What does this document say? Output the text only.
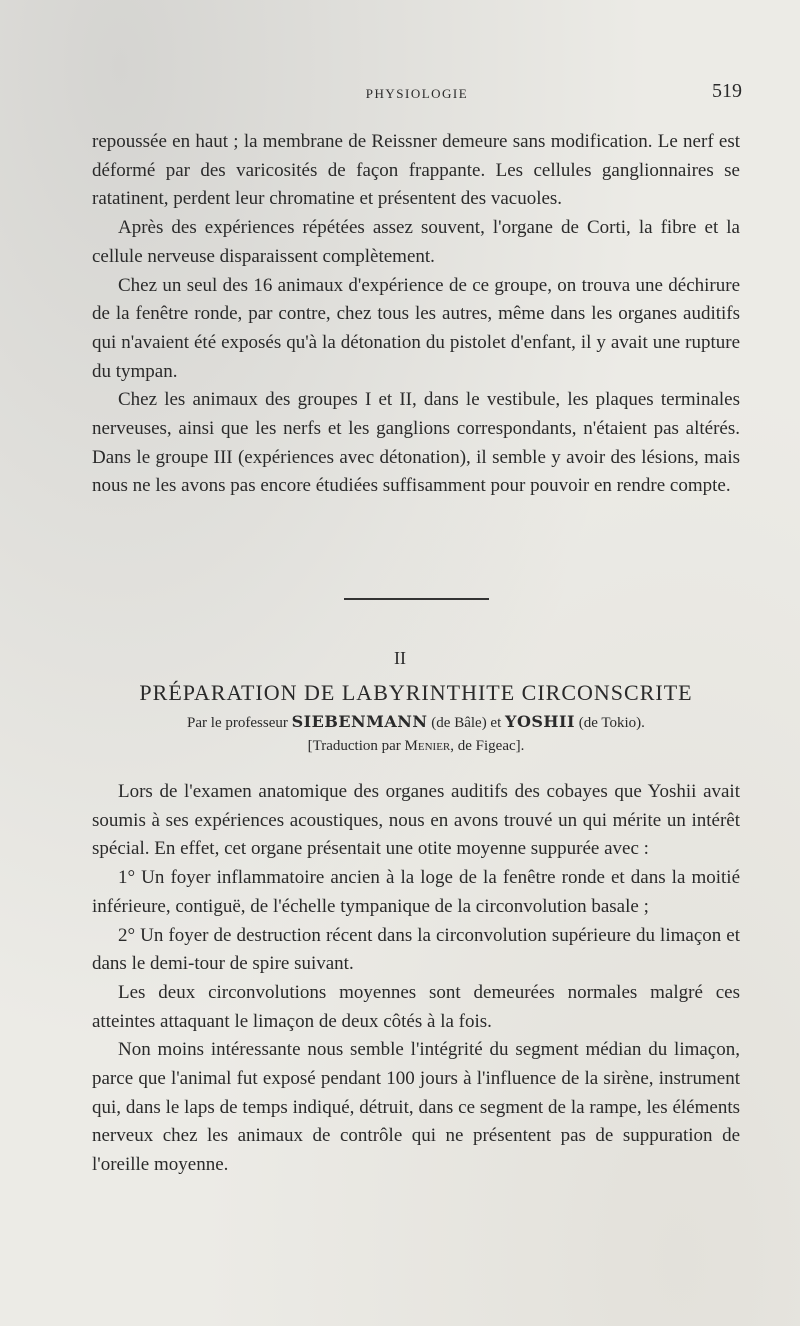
PHYSIOLOGIE	519

repoussée en haut ; la membrane de Reissner demeure sans modification. Le nerf est déformé par des varicosités de façon frappante. Les cellules ganglionnaires se ratatinent, perdent leur chromatine et présentent des vacuoles.

Après des expériences répétées assez souvent, l'organe de Corti, la fibre et la cellule nerveuse disparaissent complètement.

Chez un seul des 16 animaux d'expérience de ce groupe, on trouva une déchirure de la fenêtre ronde, par contre, chez tous les autres, même dans les organes auditifs qui n'avaient été exposés qu'à la détonation du pistolet d'enfant, il y avait une rupture du tympan.

Chez les animaux des groupes I et II, dans le vestibule, les plaques terminales nerveuses, ainsi que les nerfs et les ganglions correspondants, n'étaient pas altérés. Dans le groupe III (expériences avec détonation), il semble y avoir des lésions, mais nous ne les avons pas encore étudiées suffisamment pour pouvoir en rendre compte.

II
PRÉPARATION DE LABYRINTHITE CIRCONSCRITE
Par le professeur SIEBENMANN (de Bâle) et YOSHII (de Tokio).
[Traduction par Menier, de Figeac].

Lors de l'examen anatomique des organes auditifs des cobayes que Yoshii avait soumis à ses expériences acoustiques, nous en avons trouvé un qui mérite un intérêt spécial. En effet, cet organe présentait une otite moyenne suppurée avec :

1° Un foyer inflammatoire ancien à la loge de la fenêtre ronde et dans la moitié inférieure, contiguë, de l'échelle tympanique de la circonvolution basale ;

2° Un foyer de destruction récent dans la circonvolution supérieure du limaçon et dans le demi-tour de spire suivant.

Les deux circonvolutions moyennes sont demeurées normales malgré ces atteintes attaquant le limaçon de deux côtés à la fois.

Non moins intéressante nous semble l'intégrité du segment médian du limaçon, parce que l'animal fut exposé pendant 100 jours à l'influence de la sirène, instrument qui, dans le laps de temps indiqué, détruit, dans ce segment de la rampe, les éléments nerveux chez les animaux de contrôle qui ne présentent pas de suppuration de l'oreille moyenne.
